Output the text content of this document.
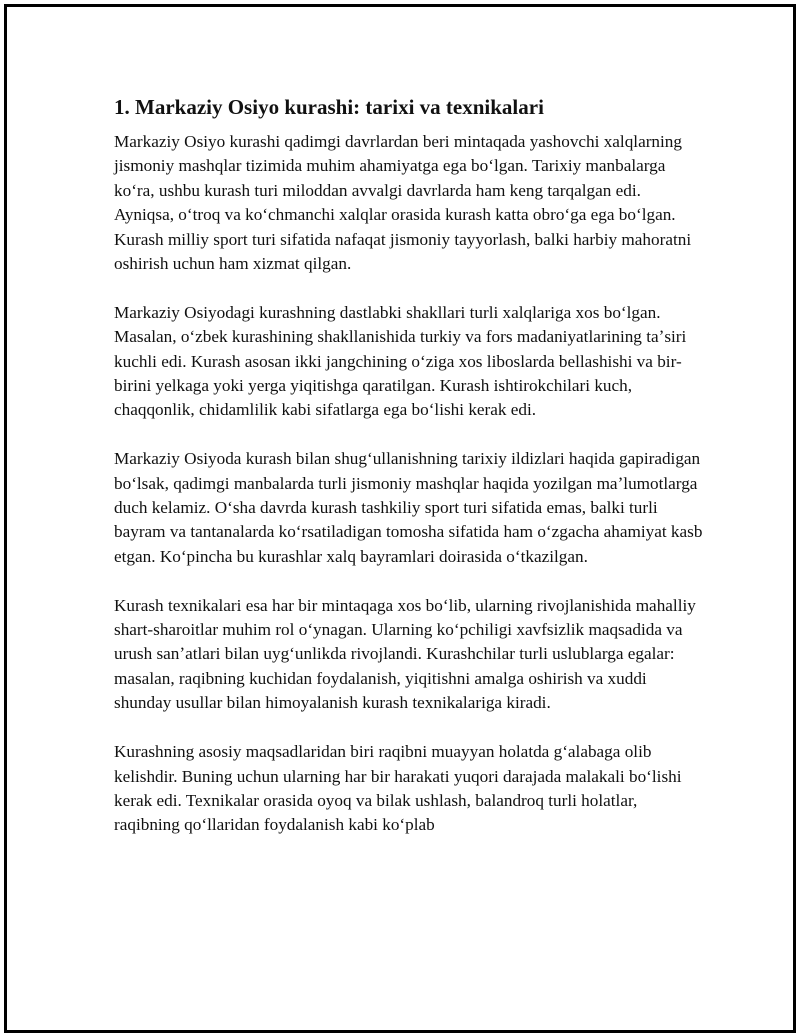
1. Markaziy Osiyo kurashi: tarixi va texnikalari

Markaziy Osiyo kurashi qadimgi davrlardan beri mintaqada yashovchi xalqlarning jismoniy mashqlar tizimida muhim ahamiyatga ega boʻlgan. Tarixiy manbalarga koʻra, ushbu kurash turi miloddan avvalgi davrlarda ham keng tarqalgan edi. Ayniqsa, oʻtroq va koʻchmanchi xalqlar orasida kurash katta obroʻga ega boʻlgan. Kurash milliy sport turi sifatida nafaqat jismoniy tayyorlash, balki harbiy mahoratni oshirish uchun ham xizmat qilgan.

Markaziy Osiyodagi kurashning dastlabki shakllari turli xalqlariga xos boʻlgan. Masalan, oʻzbek kurashining shakllanishida turkiy va fors madaniyatlarining taʼsiri kuchli edi. Kurash asosan ikki jangchining oʻziga xos liboslarda bellashishi va bir-birini yelkaga yoki yerga yiqitishga qaratilgan. Kurash ishtirokchilari kuch, chaqqonlik, chidamlilik kabi sifatlarga ega boʻlishi kerak edi.

Markaziy Osiyoda kurash bilan shugʻullanishning tarixiy ildizlari haqida gapiradigan boʻlsak, qadimgi manbalarda turli jismoniy mashqlar haqida yozilgan maʼlumotlarga duch kelamiz. Oʻsha davrda kurash tashkiliy sport turi sifatida emas, balki turli bayram va tantanalarda koʻrsatiladigan tomosha sifatida ham oʻzgacha ahamiyat kasb etgan. Koʻpincha bu kurashlar xalq bayramlari doirasida oʻtkazilgan.

Kurash texnikalari esa har bir mintaqaga xos boʻlib, ularning rivojlanishida mahalliy shart-sharoitlar muhim rol oʻynagan. Ularning koʻpchiligi xavfsizlik maqsadida va urush sanʼatlari bilan uygʻunlikda rivojlandi. Kurashchilar turli uslublarga egalar: masalan, raqibning kuchidan foydalanish, yiqitishni amalga oshirish va xuddi shunday usullar bilan himoyalanish kurash texnikalariga kiradi.

Kurashning asosiy maqsadlaridan biri raqibni muayyan holatda gʻalabaga olib kelishdir. Buning uchun ularning har bir harakati yuqori darajada malakali boʻlishi kerak edi. Texnikalar orasida oyoq va bilak ushlash, balandroq turli holatlar, raqibning qoʻllaridan foydalanish kabi koʻplab
